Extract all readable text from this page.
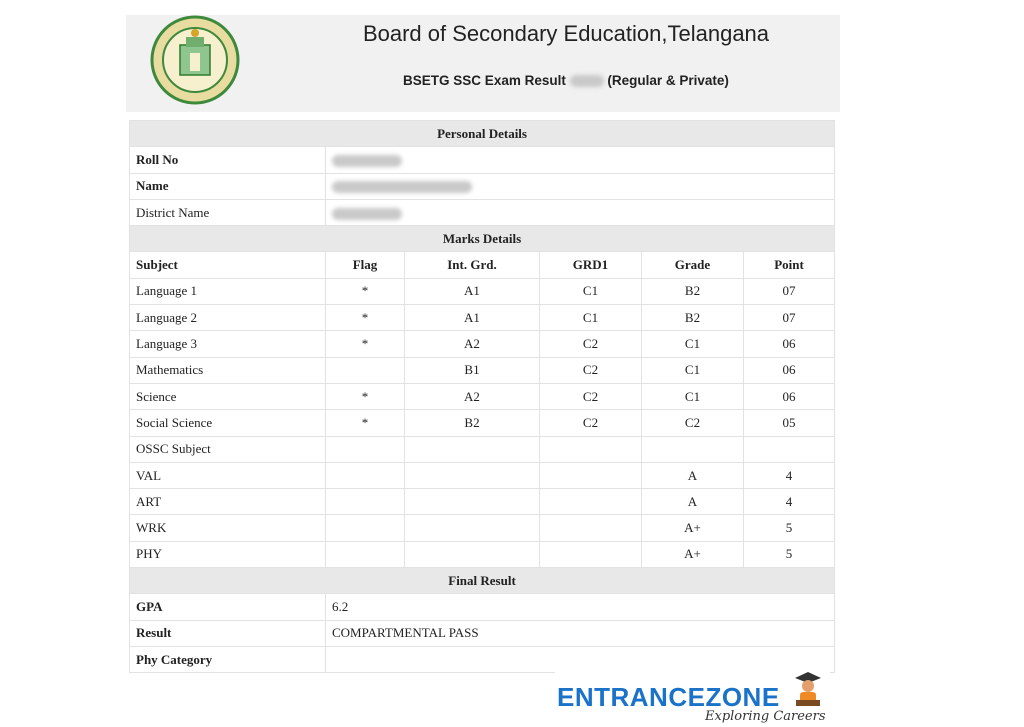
Board of Secondary Education,Telangana
BSETG SSC Exam Result	(Regular & Private)
Personal Details					
Roll No					
Name					
District Name					
Marks Details					
Subject	Flag	Int. Grd.	GRD1	Grade	Point
Language 1	*	A1	C1	B2	07
Language 2	*	A1	C1	B2	07
Language 3	*	A2	C2	C1	06
Mathematics		B1	C2	C1	06
Science	*	A2	C2	C1	06
Social Science	*	B2	C2	C2	05
OSSC Subject					
VAL				A	4
ART				A	4
WRK				A+	5
PHY				A+	5
Final Result					
GPA	6.2				
Result	COMPARTMENTAL PASS				
Phy Category					
ENTRANCEZONE
Exploring Careers
